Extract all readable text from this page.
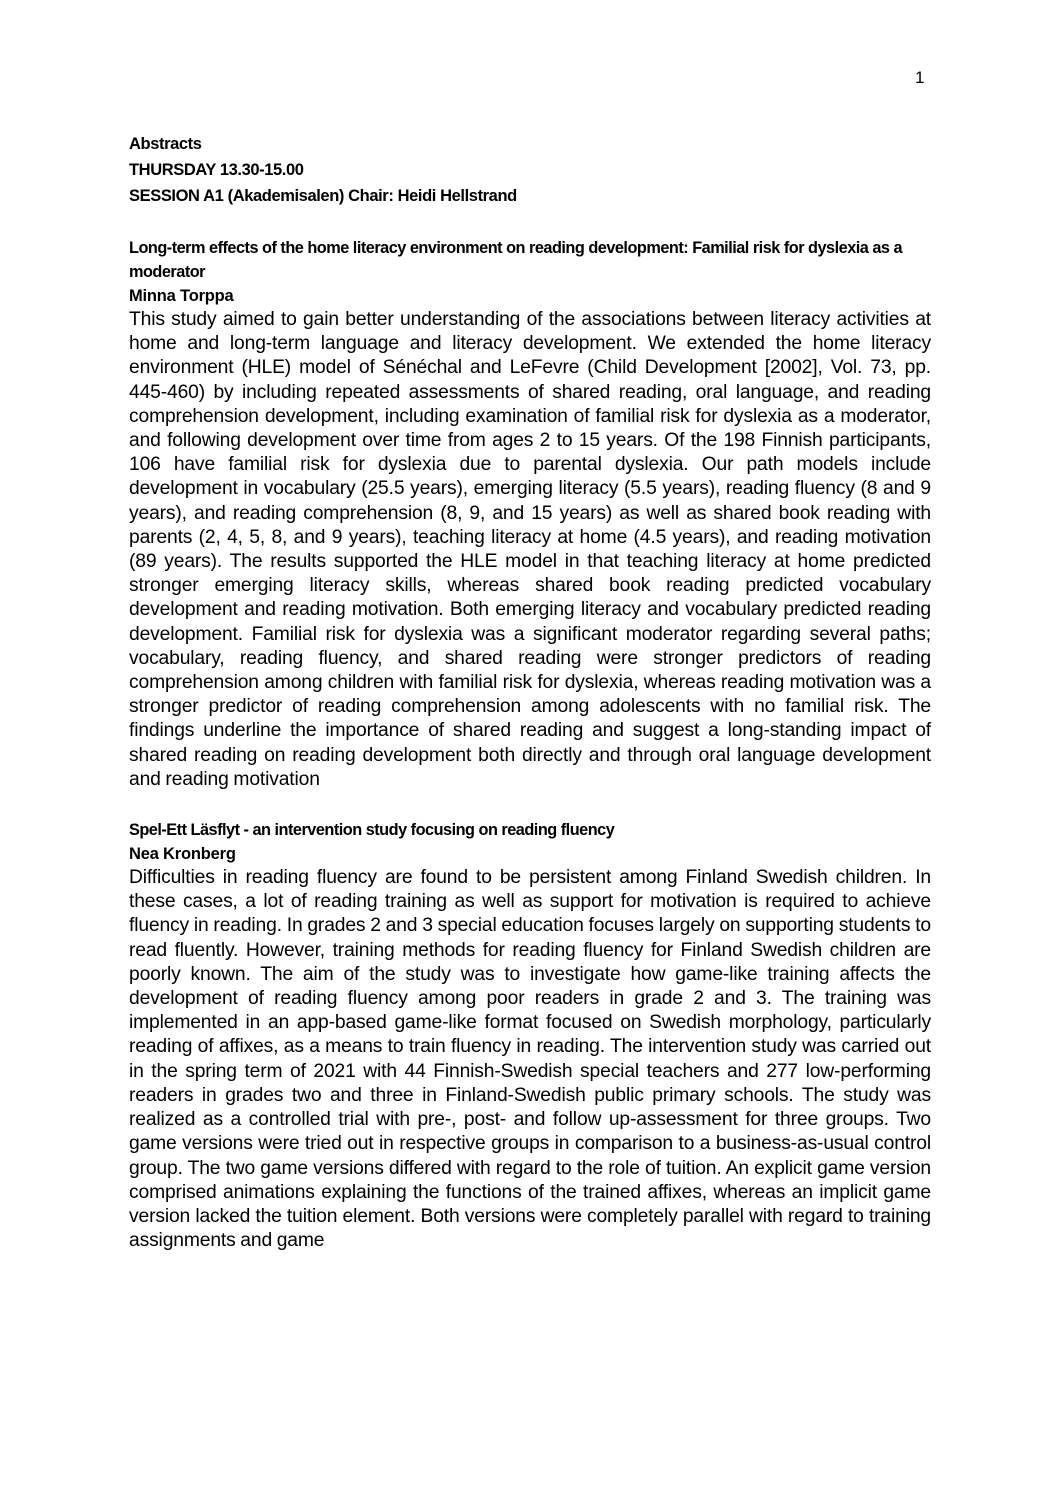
1
Abstracts
THURSDAY 13.30-15.00
SESSION A1 (Akademisalen) Chair: Heidi Hellstrand
Long-term effects of the home literacy environment on reading development: Familial risk for dyslexia as a moderator
Minna Torppa
This study aimed to gain better understanding of the associations between literacy activities at home and long-term language and literacy development. We extended the home literacy environment (HLE) model of Sénéchal and LeFevre (Child Development [2002], Vol. 73, pp. 445-460) by including repeated assessments of shared reading, oral language, and reading comprehension development, including examination of familial risk for dyslexia as a moderator, and following development over time from ages 2 to 15 years. Of the 198 Finnish participants, 106 have familial risk for dyslexia due to parental dyslexia. Our path models include development in vocabulary (25.5 years), emerging literacy (5.5 years), reading fluency (8 and 9 years), and reading comprehension (8, 9, and 15 years) as well as shared book reading with parents (2, 4, 5, 8, and 9 years), teaching literacy at home (4.5 years), and reading motivation (89 years). The results supported the HLE model in that teaching literacy at home predicted stronger emerging literacy skills, whereas shared book reading predicted vocabulary development and reading motivation. Both emerging literacy and vocabulary predicted reading development. Familial risk for dyslexia was a significant moderator regarding several paths; vocabulary, reading fluency, and shared reading were stronger predictors of reading comprehension among children with familial risk for dyslexia, whereas reading motivation was a stronger predictor of reading comprehension among adolescents with no familial risk. The findings underline the importance of shared reading and suggest a long-standing impact of shared reading on reading development both directly and through oral language development and reading motivation
Spel-Ett Läsflyt - an intervention study focusing on reading fluency
Nea Kronberg
Difficulties in reading fluency are found to be persistent among Finland Swedish children. In these cases, a lot of reading training as well as support for motivation is required to achieve fluency in reading. In grades 2 and 3 special education focuses largely on supporting students to read fluently. However, training methods for reading fluency for Finland Swedish children are poorly known. The aim of the study was to investigate how game-like training affects the development of reading fluency among poor readers in grade 2 and 3. The training was implemented in an app-based game-like format focused on Swedish morphology, particularly reading of affixes, as a means to train fluency in reading. The intervention study was carried out in the spring term of 2021 with 44 Finnish-Swedish special teachers and 277 low-performing readers in grades two and three in Finland-Swedish public primary schools. The study was realized as a controlled trial with pre-, post- and follow up-assessment for three groups. Two game versions were tried out in respective groups in comparison to a business-as-usual control group. The two game versions differed with regard to the role of tuition. An explicit game version comprised animations explaining the functions of the trained affixes, whereas an implicit game version lacked the tuition element. Both versions were completely parallel with regard to training assignments and game
